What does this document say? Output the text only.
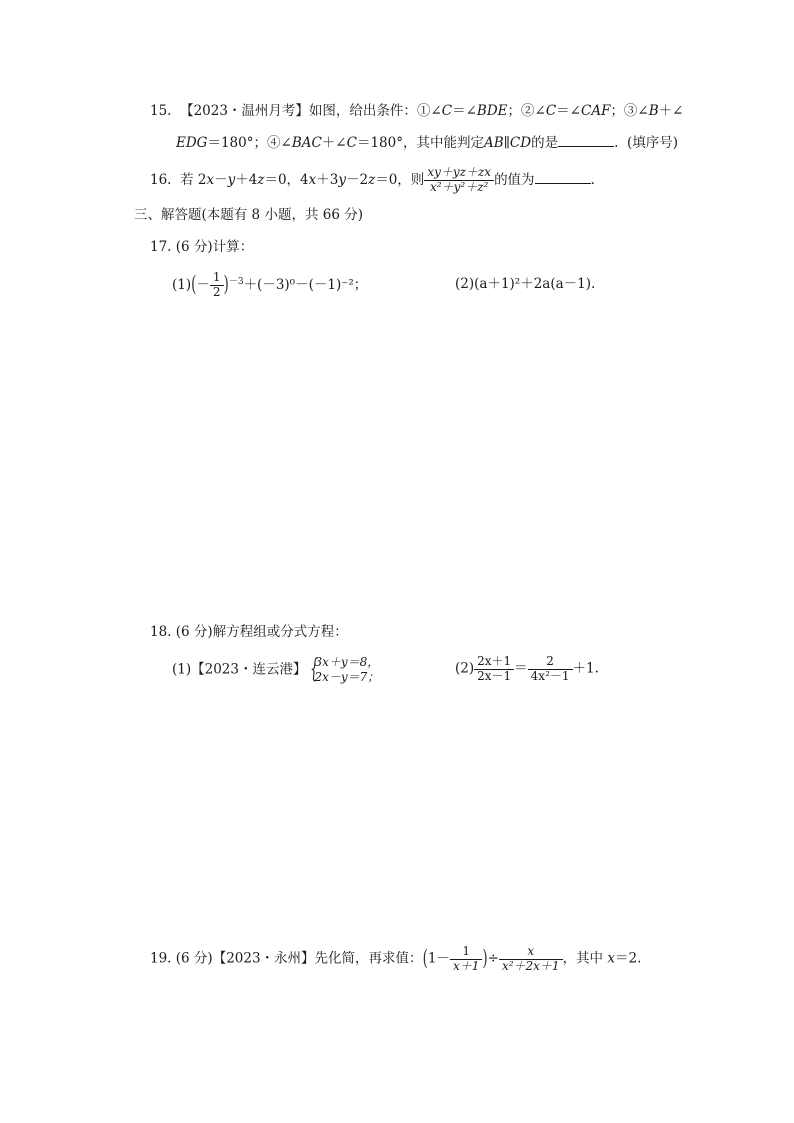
15. 【2023・温州月考】如图，给出条件：①∠C＝∠BDE；②∠C＝∠CAF；③∠B＋∠
EDG＝180°；④∠BAC＋∠C＝180°，其中能判定AB∥CD的是	. (填序号)
16. 若 2x－y＋4z＝0，4x＋3y－2z＝0，则 $\frac{xy+yz+zx}{\text{x²＋y²＋z²}}$ 的值为	.
三、解答题(本题有 8 小题，共 66 分)
17. (6 分)计算：
$(1)(- \frac{1}{2} )^{-3}+(-3)^0-(-1)^{-2}$；	(2)(a＋1)²＋2a(a－1).
18. (6 分)解方程组或分式方程：
(1)【2023・连云港】 {
3x＋y＝8，
2x－y＝7；
$(2) \frac{2x+1}{2x-1} = \frac{2}{\text{4x²－1}} +1$.
19. (6 分)【2023・永州】先化简，再求值：($1- \frac{1}{x+1}$ )÷ $\frac{x}{\text{x²＋2x＋1}}$ ，其中 x＝2.
